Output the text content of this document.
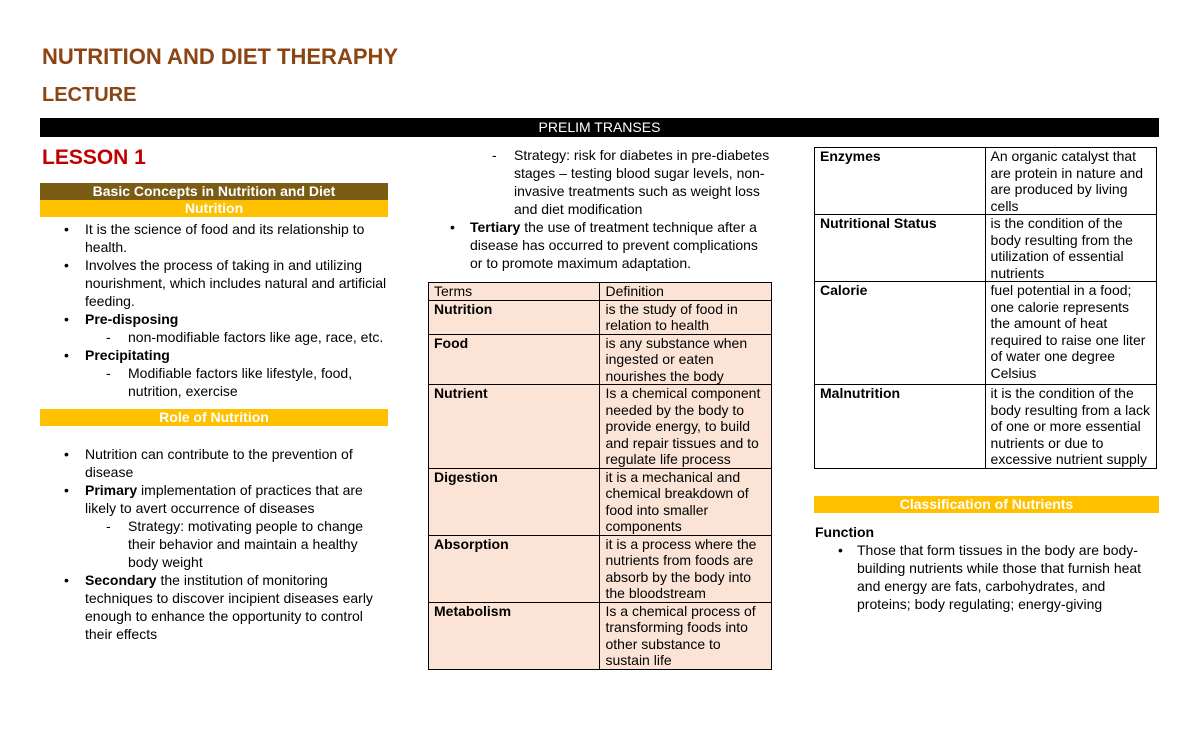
NUTRITION AND DIET THERAPHY
LECTURE
PRELIM TRANSES
LESSON 1
Basic Concepts in Nutrition and Diet
Nutrition
• It is the science of food and its relationship to health.
• Involves the process of taking in and utilizing nourishment, which includes natural and artificial feeding.
• Pre-disposing
- non-modifiable factors like age, race, etc.
• Precipitating
- Modifiable factors like lifestyle, food, nutrition, exercise
Role of Nutrition
• Nutrition can contribute to the prevention of disease
• Primary implementation of practices that are likely to avert occurrence of diseases
- Strategy: motivating people to change their behavior and maintain a healthy body weight
• Secondary the institution of monitoring techniques to discover incipient diseases early enough to enhance the opportunity to control their effects
- Strategy: risk for diabetes in pre-diabetes stages – testing blood sugar levels, non-invasive treatments such as weight loss and diet modification
• Tertiary the use of treatment technique after a disease has occurred to prevent complications or to promote maximum adaptation.
Terms	Definition
Nutrition	is the study of food in relation to health
Food	is any substance when ingested or eaten nourishes the body
Nutrient	Is a chemical component needed by the body to provide energy, to build and repair tissues and to regulate life process
Digestion	it is a mechanical and chemical breakdown of food into smaller components
Absorption	it is a process where the nutrients from foods are absorb by the body into the bloodstream
Metabolism	Is a chemical process of transforming foods into other substance to sustain life
Enzymes	An organic catalyst that are protein in nature and are produced by living cells
Nutritional Status	is the condition of the body resulting from the utilization of essential nutrients
Calorie	fuel potential in a food; one calorie represents the amount of heat required to raise one liter of water one degree Celsius
Malnutrition	it is the condition of the body resulting from a lack of one or more essential nutrients or due to excessive nutrient supply
Classification of Nutrients
Function
• Those that form tissues in the body are body-building nutrients while those that furnish heat and energy are fats, carbohydrates, and proteins; body regulating; energy-giving
